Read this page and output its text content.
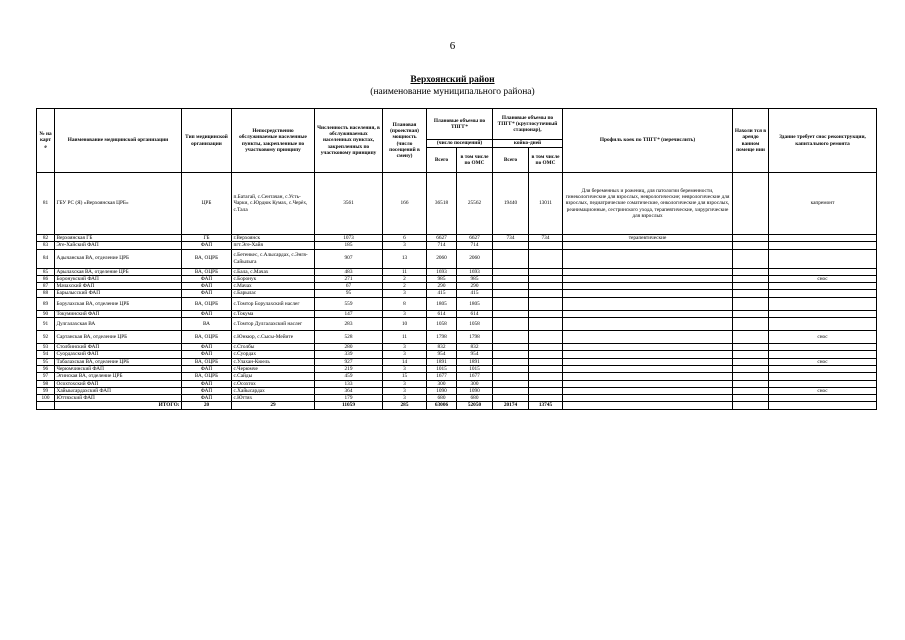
6
Верхоянский район
(наименование муниципального района)
№ на карт е	Наименование медицинской организации	Тип медицинской организации	Непосредственно обслуживаемые населенные пункты, закрепленные по участковому принципу	Численность населения, в обслуживаемых населенных пунктах, закрепленных по участковому принципу	Плановая (проектная) мощность (число посещений в смену)	Плановые объемы по ТПГГ*		Плановые объемы по ТПГГ* (круглосуточный стационар),		Профиль коек по ТПГГ* (перечислить)	Нахоли тся в арендо ванном помеще нии	Здание требует снос реконструкции, капитального ремонта
						(число посещений)		койко-дней				
						Всего	в том числе по ОМС	Всего	в том числе по ОМС			
81	ГБУ РС (Я) «Верхоянская ЦРБ»	ЦРБ	п.Батагай, с.Сентачан, с.Усть- Чарки, с.Юрдюк Кумах, с.Черѐх, с.Тала	3561	166	36518	25562	19440	13011	Для беременных и рожениц, для патологии беременности, гинекологические для взрослых, неврологические; неврологические для взрослых, педиатрические соматические, онкологические для взрослых, реанимационные, сестринского ухода, терапевтические, хирургические для взрослых		капремонт
82	Верхоянская ГБ	ГБ	г.Верхоянск	1073	6	6627	6627	734	734	терапевтические		
83	Эге-Хайский ФАП	ФАП	пгт.Эге-Хайя	185	3	714	714					
84	Адычанская ВА, отделение ЦРБ	ВА, ОЦРБ	с.Бетенкес, с.Алысардах, с.Энгя-Сайылыга	907	13	2060	2060					
85	Арылахская ВА, отделение ЦРБ	ВА, ОЦРБ	с.Бала, с.Мачах	483	11	1693	1693					
86	Боронукский ФАП	ФАП	с.Боронук	271	2	985	985					снос
87	Мачахский ФАП	ФАП	с.Мачах	67	2	290	290					
88	Барылысский ФАП	ФАП	с.Барылас	95	3	415	415					
89	Борулахская ВА, отделение ЦРБ	ВА, ОЦРБ	с.Томтор Борулахский наслег	559	8	1805	1805					
90	Токуминский ФАП	ФАП	с.Токума	147	3	614	614					
91	Дулгалахская ВА	ВА	с.Томтор Дулгалахский наслег	283	10	1058	1058					
92	Сартанская ВА, отделение ЦРБ	ВА, ОЦРБ	с.Юнкюр, с.Сысы-Мейите	528	11	1798	1798					снос
93	Столбинский ФАП	ФАП	с.Столбы	280	3	832	832					
94	Суордахский ФАП	ФАП	с.Суордах	339	3	954	954					
95	Табалахская ВА, отделение ЦРБ	ВА, ОЦРБ	с.Улахан-Кюель	927	14	1891	1891					снос
96	Черюмчинский ФАП	ФАП	с.Черюмче	219	3	1015	1015					
97	Эгинская ВА, отделение ЦРБ	ВА, ОЦРБ	с.Сайды	459	15	1677	1677					
98	Осохтохский ФАП	ФАП	с.Осохтох	133	3	300	300					
99	Хайыысардахский ФАП	ФАП	с.Хайысардах	364	3	1090	1090					снос
100	Юттяхский ФАП	ФАП	с.Юттях	179	3	680	680					
	ИТОГО:	20	29	11059	285	63006	52050	20174	13745			
